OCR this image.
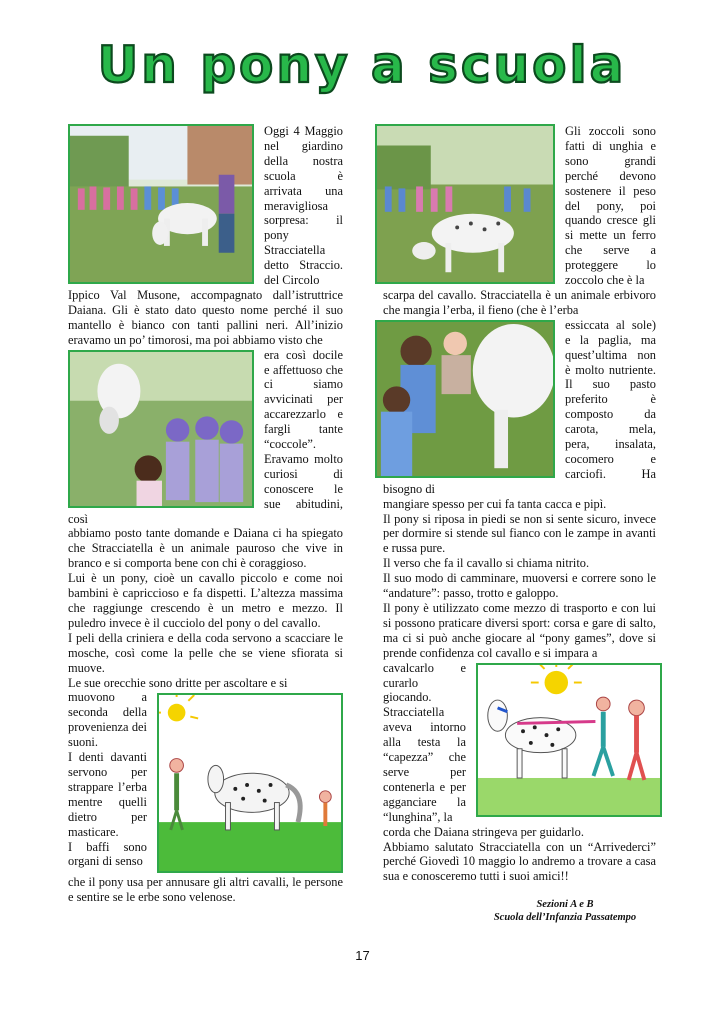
Un pony a scuola

Oggi 4 Maggio nel giardino della nostra scuola è arrivata una meravigliosa sorpresa: il pony Stracciatella detto Straccio. del Circolo

Ippico Val Musone, accompagnato dall’istruttrice Daiana. Gli è stato dato questo nome perché il suo mantello è bianco con tanti pallini neri. All’inizio eravamo un po’ timorosi, ma poi abbiamo visto che

era così docile e affettuoso che ci siamo avvicinati per accarezzarlo e fargli tante “coccole”. Eravamo molto curiosi di conoscere le sue abitudini, così

abbiamo posto tante domande e Daiana ci ha spiegato che Stracciatella è un animale pauroso che vive in branco e si comporta bene con chi è coraggioso.

Lui è un pony, cioè un cavallo piccolo e come noi bambini è capriccioso e fa dispetti. L’altezza massima che raggiunge crescendo è un metro e mezzo. Il puledro invece è il cucciolo del pony o del cavallo.

I peli della criniera e della coda servono a scacciare le mosche, così come la pelle che se viene sfiorata si muove.

Le sue orecchie sono dritte per ascoltare e si

muovono a seconda della provenienza dei suoni.

I denti davanti servono per strappare l’erba mentre quelli dietro per masticare.

I baffi sono organi di senso

che il pony usa per annusare gli altri cavalli, le persone e sentire se le erbe sono velenose.

Gli zoccoli sono fatti di unghia e sono grandi perché devono sostenere il peso del pony, poi quando cresce gli si mette un ferro che serve a proteggere lo zoccolo che è la

scarpa del cavallo. Stracciatella è un animale erbivoro che mangia l’erba, il fieno (che è l’erba

essiccata al sole) e la paglia, ma quest’ultima non è molto nutriente. Il suo pasto preferito è composto da carota, mela, pera, insalata, cocomero e carciofi. Ha bisogno di

mangiare spesso per cui fa tanta cacca e pipì.

Il pony si riposa in piedi se non si sente sicuro, invece per dormire si stende sul fianco con le zampe in avanti e russa pure.

Il verso che fa il cavallo si chiama nitrito.

Il suo modo di camminare, muoversi e correre sono le “andature”: passo, trotto e galoppo.

Il pony è utilizzato come mezzo di trasporto e con lui si possono praticare diversi sport: corsa e gare di salto, ma ci si può anche giocare al “pony games”, dove si prende confidenza col cavallo e si impara a

cavalcarlo e curarlo giocando. Stracciatella aveva intorno alla testa la “capezza” che serve per contenerla e per agganciare la “lunghina”, la

corda che Daiana stringeva per guidarlo.

Abbiamo salutato Stracciatella con un “Arrivederci” perché Giovedì 10 maggio lo andremo a trovare a casa sua e conosceremo tutti i suoi amici!!

Sezioni A e B
Scuola dell’Infanzia Passatempo
17
